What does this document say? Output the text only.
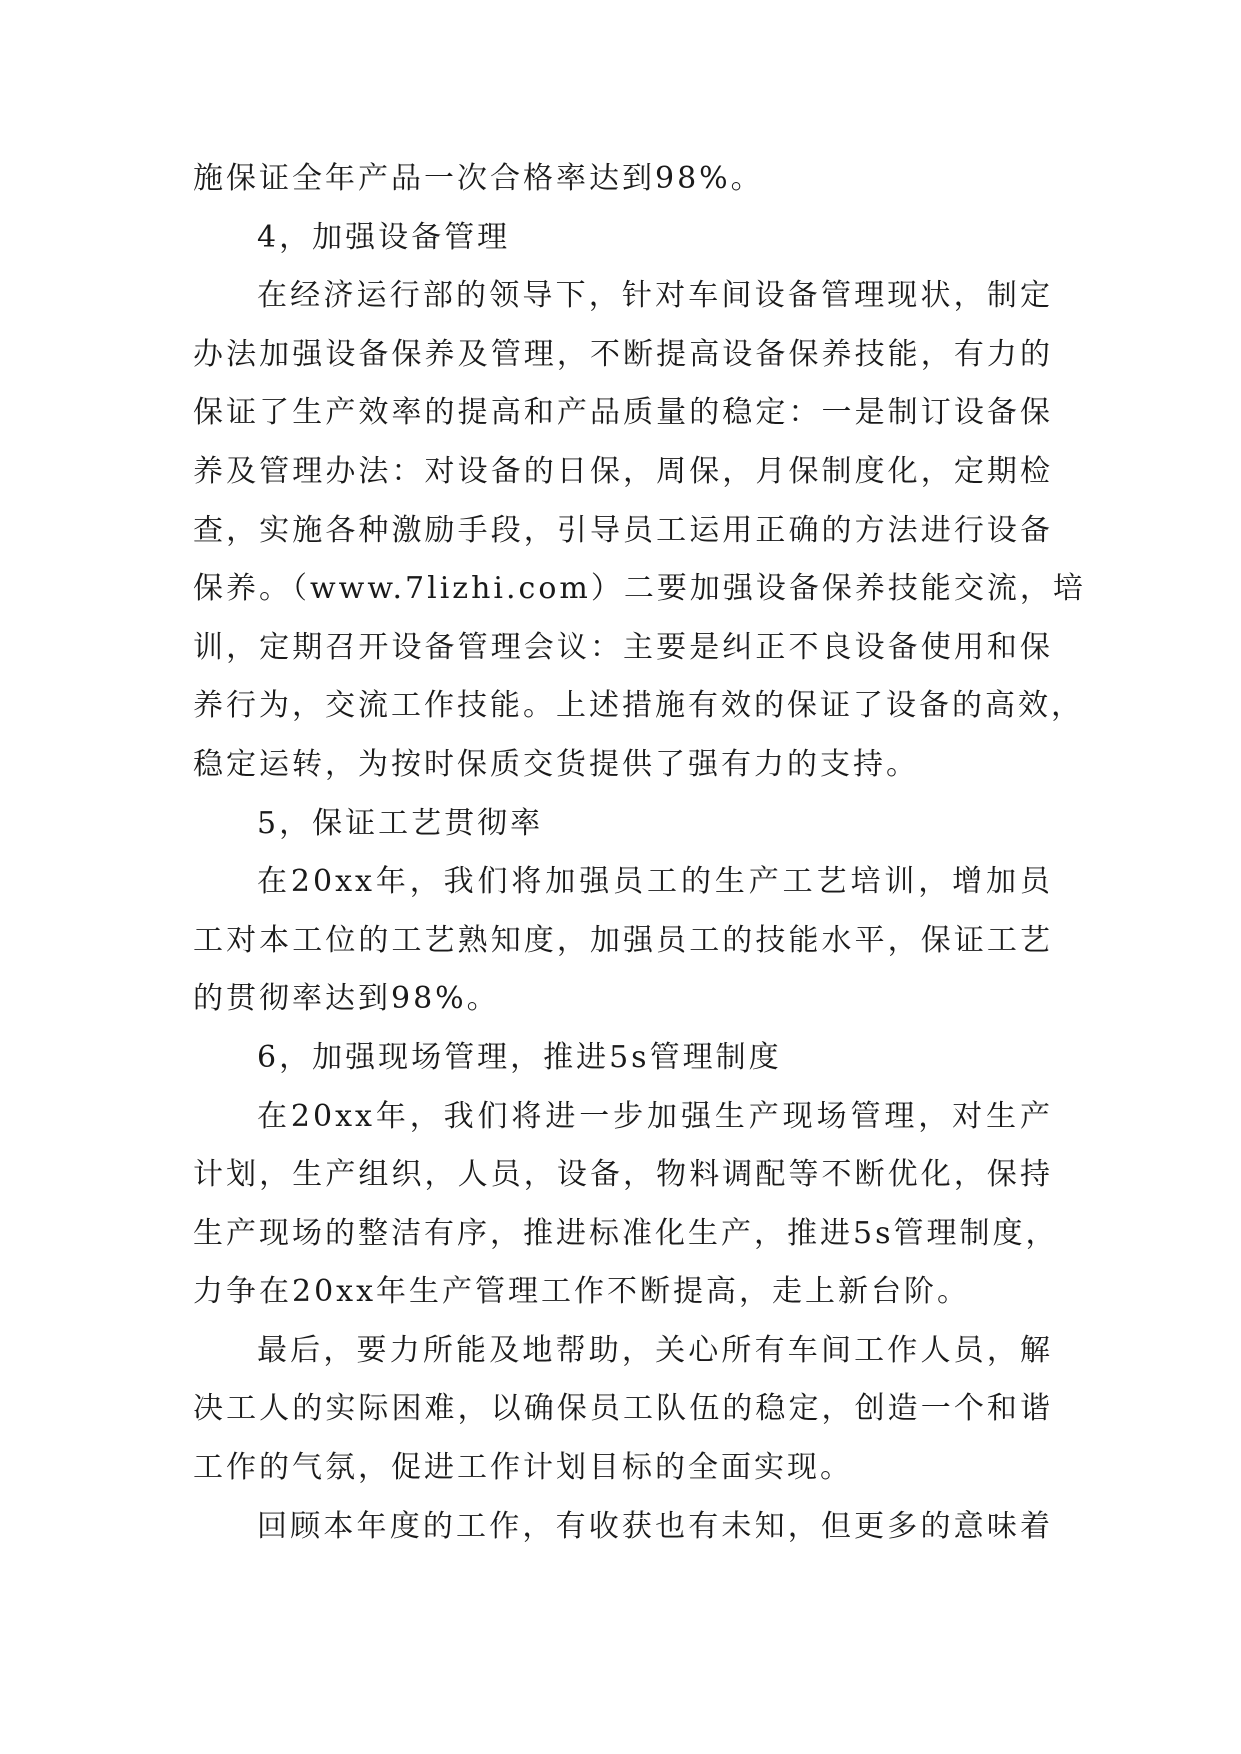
施保证全年产品一次合格率达到98%。
4，加强设备管理
在经济运行部的领导下，针对车间设备管理现状，制定
办法加强设备保养及管理，不断提高设备保养技能，有力的
保证了生产效率的提高和产品质量的稳定：一是制订设备保
养及管理办法：对设备的日保，周保，月保制度化，定期检
查，实施各种激励手段，引导员工运用正确的方法进行设备
保养。（www.7lizhi.com）二要加强设备保养技能交流，培
训，定期召开设备管理会议：主要是纠正不良设备使用和保
养行为，交流工作技能。上述措施有效的保证了设备的高效，
稳定运转，为按时保质交货提供了强有力的支持。
5，保证工艺贯彻率
在20xx年，我们将加强员工的生产工艺培训，增加员
工对本工位的工艺熟知度，加强员工的技能水平，保证工艺
的贯彻率达到98%。
6，加强现场管理，推进5s管理制度
在20xx年，我们将进一步加强生产现场管理，对生产
计划，生产组织，人员，设备，物料调配等不断优化，保持
生产现场的整洁有序，推进标准化生产，推进5s管理制度，
力争在20xx年生产管理工作不断提高，走上新台阶。
最后，要力所能及地帮助，关心所有车间工作人员，解
决工人的实际困难，以确保员工队伍的稳定，创造一个和谐
工作的气氛，促进工作计划目标的全面实现。
回顾本年度的工作，有收获也有未知，但更多的意味着
